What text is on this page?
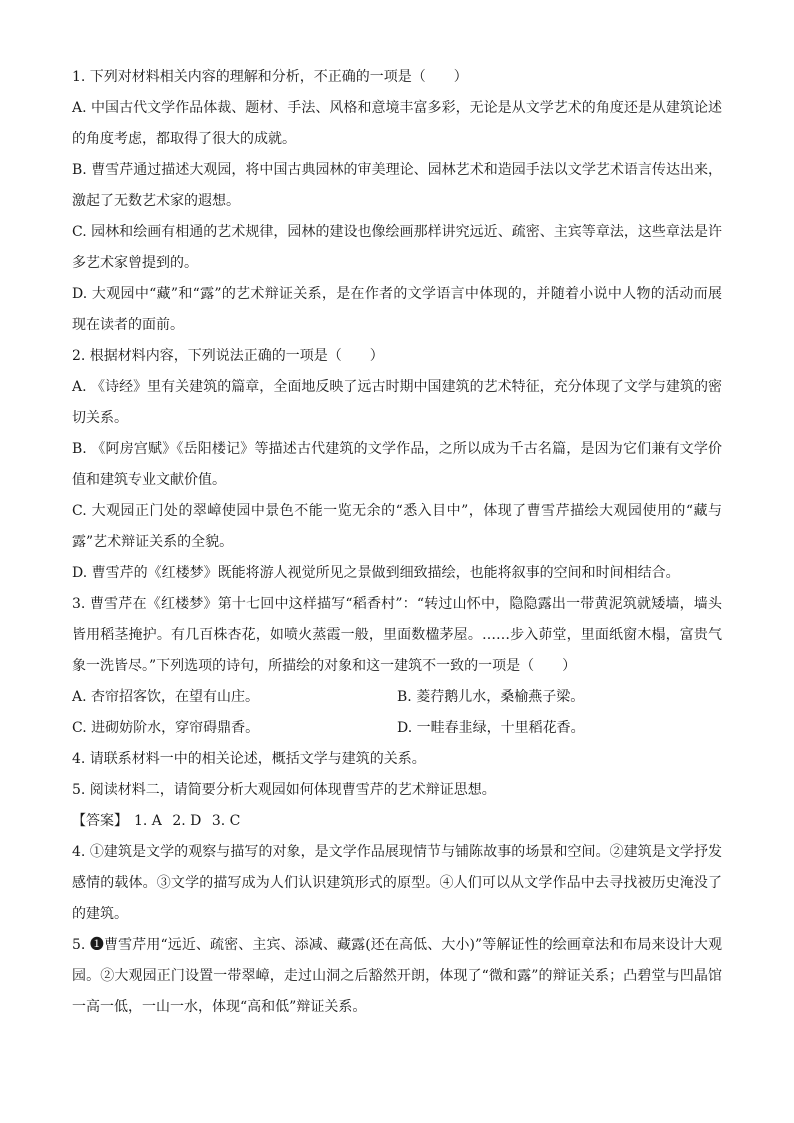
1. 下列对材料相关内容的理解和分析，不正确的一项是（　　）

A. 中国古代文学作品体裁、题材、手法、风格和意境丰富多彩，无论是从文学艺术的角度还是从建筑论述的角度考虑，都取得了很大的成就。

B. 曹雪芹通过描述大观园，将中国古典园林的审美理论、园林艺术和造园手法以文学艺术语言传达出来，激起了无数艺术家的遐想。

C. 园林和绘画有相通的艺术规律，园林的建设也像绘画那样讲究远近、疏密、主宾等章法，这些章法是许多艺术家曾提到的。

D. 大观园中“藏”和“露”的艺术辩证关系，是在作者的文学语言中体现的，并随着小说中人物的活动而展现在读者的面前。

2. 根据材料内容，下列说法正确的一项是（　　）

A. 《诗经》里有关建筑的篇章，全面地反映了远古时期中国建筑的艺术特征，充分体现了文学与建筑的密切关系。

B. 《阿房宫赋》《岳阳楼记》等描述古代建筑的文学作品，之所以成为千古名篇，是因为它们兼有文学价值和建筑专业文献价值。

C. 大观园正门处的翠嶂使园中景色不能一览无余的“悉入目中”，体现了曹雪芹描绘大观园使用的“藏与露”艺术辩证关系的全貌。

D. 曹雪芹的《红楼梦》既能将游人视觉所见之景做到细致描绘，也能将叙事的空间和时间相结合。

3. 曹雪芹在《红楼梦》第十七回中这样描写“稻香村”：“转过山怀中，隐隐露出一带黄泥筑就矮墙，墙头皆用稻茎掩护。有几百株杏花，如喷火蒸霞一般，里面数楹茅屋。……步入茆堂，里面纸窗木榻，富贵气象一洗皆尽。”下列选项的诗句，所描绘的对象和这一建筑不一致的一项是（　　）

A. 杏帘招客饮，在望有山庄。	B. 菱荇鹅儿水，桑榆燕子梁。
C. 进砌妨阶水，穿帘碍鼎香。	D. 一畦春韭绿，十里稻花香。

4. 请联系材料一中的相关论述，概括文学与建筑的关系。

5. 阅读材料二，请简要分析大观园如何体现曹雪芹的艺术辩证思想。

【答案】 1. A 2. D 3. C

4. ①建筑是文学的观察与描写的对象，是文学作品展现情节与铺陈故事的场景和空间。②建筑是文学抒发感情的载体。③文学的描写成为人们认识建筑形式的原型。④人们可以从文学作品中去寻找被历史淹没了的建筑。

5. ❶曹雪芹用“远近、疏密、主宾、添减、藏露(还在高低、大小)”等解证性的绘画章法和布局来设计大观园。②大观园正门设置一带翠嶂，走过山洞之后豁然开朗，体现了“微和露”的辩证关系；凸碧堂与凹晶馆一高一低，一山一水，体现“高和低”辩证关系。
